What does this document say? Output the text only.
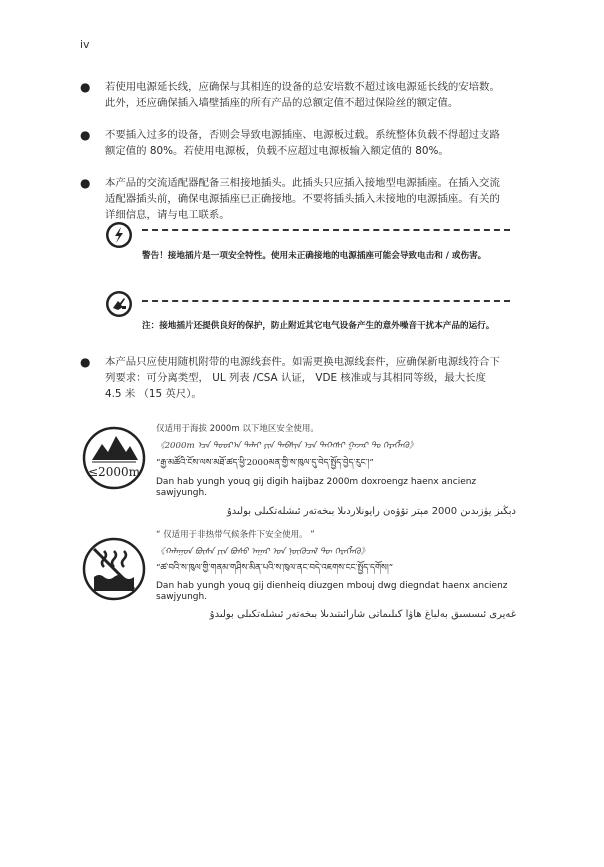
iv
● 若使用电源延长线，应确保与其相连的设备的总安培数不超过该电源延长线的安培数。此外，还应确保插入墙壁插座的所有产品的总额定值不超过保险丝的额定值。
● 不要插入过多的设备，否则会导致电源插座、电源板过载。系统整体负载不得超过支路额定值的 80%。若使用电源板，负载不应超过电源板输入额定值的 80%。
● 本产品的交流适配器配备三相接地插头。此插头只应插入接地型电源插座。在插入交流适配器插头前，确保电源插座已正确接地。不要将插头插入未接地的电源插座。有关的详细信息，请与电工联系。
警告！接地插片是一项安全特性。使用未正确接地的电源插座可能会导致电击和 / 或伤害。
注：接地插片还提供良好的保护，防止附近其它电气设备产生的意外噪音干扰本产品的运行。
● 本产品只应使用随机附带的电源线套件。如需更换电源线套件，应确保新电源线符合下列要求：可分离类型， UL 列表 /CSA 认证， VDE 核准或与其相同等级，最大长度 4.5 米 （15 英尺）。
≤2000m
仅适用于海拔 2000m 以下地区安全使用。
《2000m ᠡᠴᠡ ᠳᠤᠤᠷ᠎ᠠ ᠳᠠᠯᠠᠢ ᠶᠢᠨ ᠲᠡᠪᠰᠢᠨ ᠡᠴᠡ ᠳᠡᠭᠡᠭᠰᠢ ᠭᠠᠵᠠᠷ ᠲᠤ ᠬᠡᠷᠡᠭᠯᠡᠬᠦ》
“རྒྱ་མཚོའི་ངོས་ལས་མཐོ་ཚད་ཕྱི་2000མན་གྱི་ས་ཁུལ་དུ་བེད་སྤྱོད་བྱེད་རུང་།”
Dan hab yungh youq gij digih haijbaz 2000m doxroengz haenx ancienz sawjyungh.
دېڭىز يۈزىدىن 2000 مېتر تۆۋەن رايونلاردىلا بىخەتەر ئىشلەتكىلى بولىدۇ
“ 仅适用于非热带气候条件下安全使用。 ”
《ᠬᠠᠯᠠᠭᠤᠨ ᠪᠦᠰᠡ ᠶᠢᠨ ᠪᠤᠰᠤ ᠠᠭᠠᠷ ᠤᠨ ᠨᠥᠬᠦᠴᠡᠯ ᠲᠦ ᠬᠡᠷᠡᠭᠯᠡᠬᠦ》
“ཚ་བའི་ས་ཁུལ་གྱི་གནམ་གཤིས་མིན་པའི་ས་ཁུལ་ནང་བདེ་འཇགས་ངང་སྤྱོད་དགོས།”
Dan hab yungh youq gij dienheiq diuzgen mbouj dwg diegndat haenx ancienz sawjyungh.
غەيرى ئىسسىق بەلباغ ھاۋا كىلىماتى شارائىتىدىلا بىخەتەر ئىشلەتكىلى بولىدۇ
